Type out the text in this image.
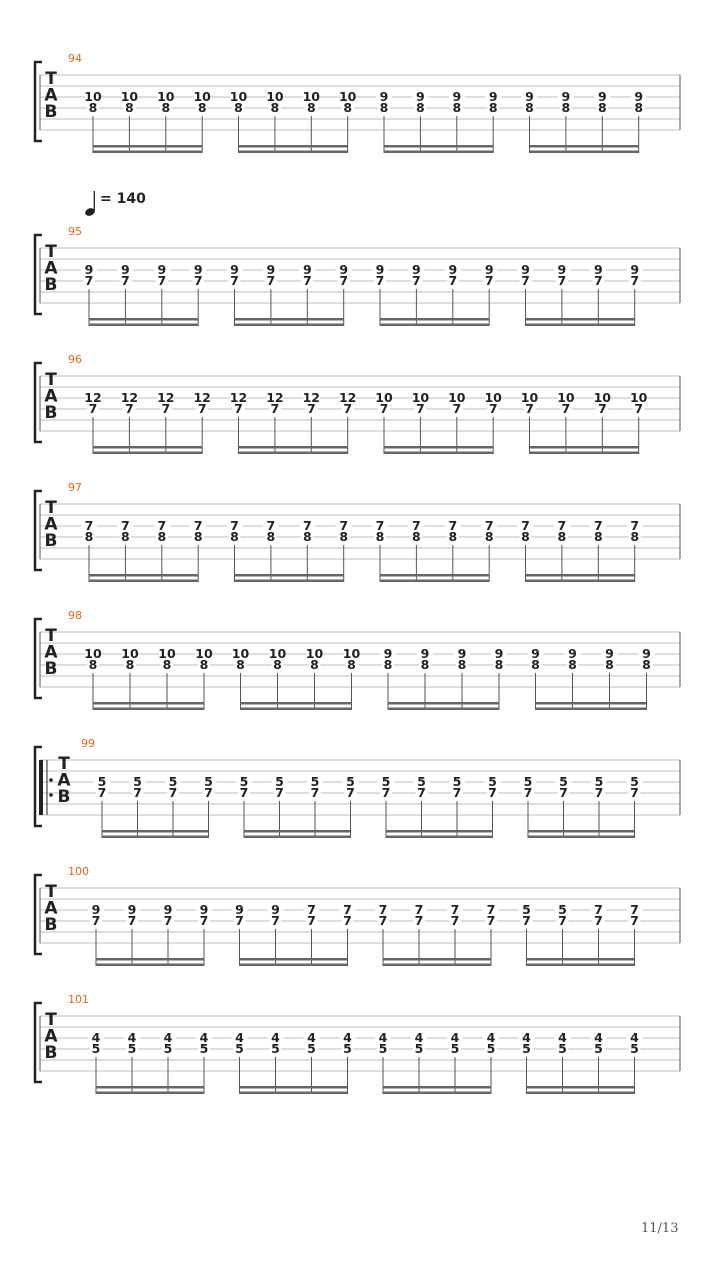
94
T
A
B
10
8
10
8
10
8
10
8
10
8
10
8
10
8
10
8
9
8
9
8
9
8
9
8
9
8
9
8
9
8
9
8
95
T
A
B
9
7
9
7
9
7
9
7
9
7
9
7
9
7
9
7
9
7
9
7
9
7
9
7
9
7
9
7
9
7
9
7
= 140
96
T
A
B
12
7
12
7
12
7
12
7
12
7
12
7
12
7
12
7
10
7
10
7
10
7
10
7
10
7
10
7
10
7
10
7
97
T
A
B
7
8
7
8
7
8
7
8
7
8
7
8
7
8
7
8
7
8
7
8
7
8
7
8
7
8
7
8
7
8
7
8
98
T
A
B
10
8
10
8
10
8
10
8
10
8
10
8
10
8
10
8
9
8
9
8
9
8
9
8
9
8
9
8
9
8
9
8
99
T
A
B
5
7
5
7
5
7
5
7
5
7
5
7
5
7
5
7
5
7
5
7
5
7
5
7
5
7
5
7
5
7
5
7
100
T
A
B
9
7
9
7
9
7
9
7
9
7
9
7
7
7
7
7
7
7
7
7
7
7
7
7
5
7
5
7
7
7
7
7
101
T
A
B
4
5
4
5
4
5
4
5
4
5
4
5
4
5
4
5
4
5
4
5
4
5
4
5
4
5
4
5
4
5
4
5
11/13
